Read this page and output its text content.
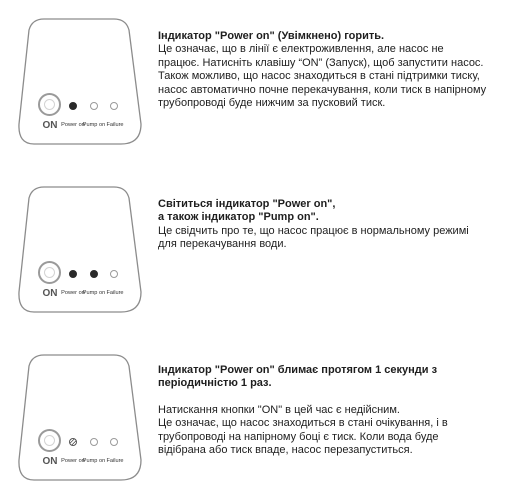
ON Power on
Pump on Failure

Індикатор "Power on" (Увімкнено) горить.

Це означає, що в лінії є електроживлення, але насос не
працює. Натисніть клавішу “ON” (Запуск), щоб запустити насос.
Також можливо, що насос знаходиться в стані підтримки тиску,
насос автоматично почне перекачування, коли тиск в напірному
трубопроводі буде нижчим за пусковий тиск.

ON Power on
Pump on Failure

Світиться індикатор "Power on",
а також індикатор "Pump on".

Це свідчить про те, що насос працює в нормальному режимі
для перекачування води.

ON Power on
Pump on Failure

Індикатор "Power on" блимає протягом 1 секунди з
періодичністю 1 раз.

Натискання кнопки "ON" в цей час є недійсним.
Це означає, що насос знаходиться в стані очікування, і в
трубопроводі на напірному боці є тиск. Коли вода буде
відібрана або тиск впаде, насос перезапуститься.
